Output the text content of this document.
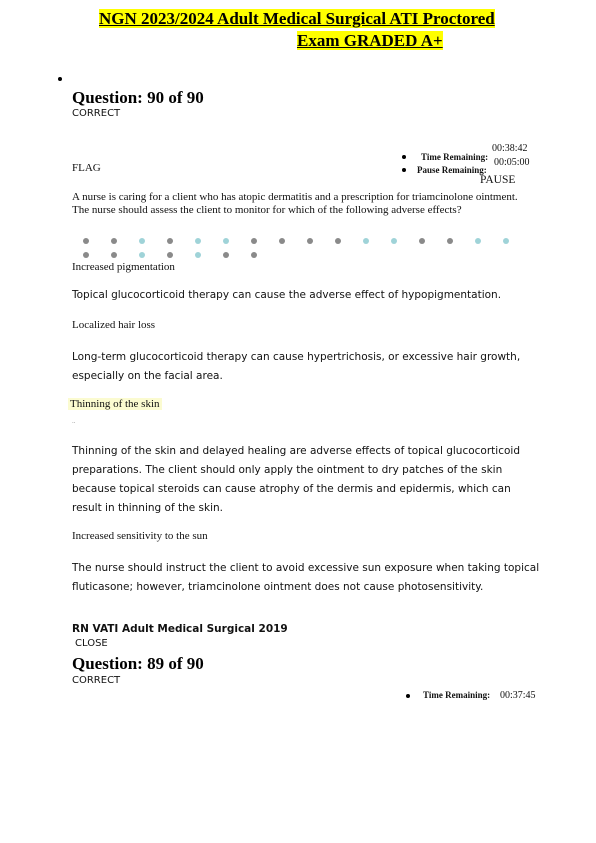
NGN 2023/2024 Adult Medical Surgical ATI Proctored
Exam GRADED A+
Question: 90 of 90
CORRECT
00:38:42
Time Remaining: 00:05:00
Pause Remaining:
PAUSE
FLAG
A nurse is caring for a client who has atopic dermatitis and a prescription for triamcinolone ointment. The nurse should assess the client to monitor for which of the following adverse effects?
Increased pigmentation
Topical glucocorticoid therapy can cause the adverse effect of hypopigmentation.
Localized hair loss
Long-term glucocorticoid therapy can cause hypertrichosis, or excessive hair growth, especially on the facial area.
Thinning of the skin
..
Thinning of the skin and delayed healing are adverse effects of topical glucocorticoid preparations. The client should only apply the ointment to dry patches of the skin because topical steroids can cause atrophy of the dermis and epidermis, which can result in thinning of the skin.
Increased sensitivity to the sun
The nurse should instruct the client to avoid excessive sun exposure when taking topical fluticasone; however, triamcinolone ointment does not cause photosensitivity.
RN VATI Adult Medical Surgical 2019
CLOSE
Question: 89 of 90
CORRECT
Time Remaining: 00:37:45
